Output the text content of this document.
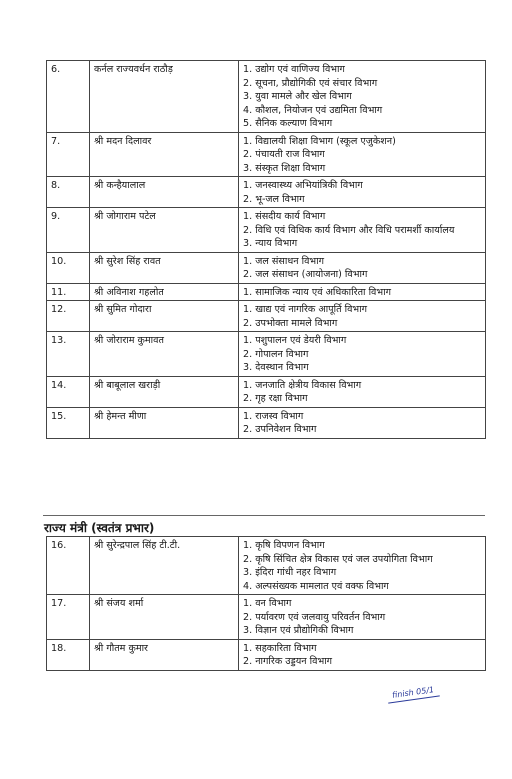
6.	कर्नल राज्यवर्धन राठौड़	1. उद्योग एवं वाणिज्य विभाग
2. सूचना, प्रौद्योगिकी एवं संचार विभाग
3. युवा मामले और खेल विभाग
4. कौशल, नियोजन एवं उद्यमिता विभाग
5. सैनिक कल्याण विभाग

7.	श्री मदन दिलावर	1. विद्यालयी शिक्षा विभाग (स्कूल एजुकेशन)
2. पंचायती राज विभाग
3. संस्कृत शिक्षा विभाग

8.	श्री कन्हैयालाल	1. जनस्वास्थ्य अभियांत्रिकी विभाग
2. भू-जल विभाग

9.	श्री जोगाराम पटेल	1. संसदीय कार्य विभाग
2. विधि एवं विधिक कार्य विभाग और विधि परामर्शी कार्यालय
3. न्याय विभाग

10.	श्री सुरेश सिंह रावत	1. जल संसाधन विभाग
2. जल संसाधन (आयोजना) विभाग

11.	श्री अविनाश गहलोत	1. सामाजिक न्याय एवं अधिकारिता विभाग

12.	श्री सुमित गोदारा	1. खाद्य एवं नागरिक आपूर्ति विभाग
2. उपभोक्ता मामले विभाग

13.	श्री जोराराम कुमावत	1. पशुपालन एवं डेयरी विभाग
2. गोपालन विभाग
3. देवस्थान विभाग

14.	श्री बाबूलाल खराड़ी	1. जनजाति क्षेत्रीय विकास विभाग
2. गृह रक्षा विभाग

15.	श्री हेमन्त मीणा	1. राजस्व विभाग
2. उपनिवेशन विभाग
राज्य मंत्री (स्वतंत्र प्रभार)
16.	श्री सुरेन्द्रपाल सिंह टी.टी.	1. कृषि विपणन विभाग
2. कृषि सिंचित क्षेत्र विकास एवं जल उपयोगिता विभाग
3. इंदिरा गांधी नहर विभाग
4. अल्पसंख्यक मामलात एवं वक्फ विभाग

17.	श्री संजय शर्मा	1. वन विभाग
2. पर्यावरण एवं जलवायु परिवर्तन विभाग
3. विज्ञान एवं प्रौद्योगिकी विभाग

18.	श्री गौतम कुमार	1. सहकारिता विभाग
2. नागरिक उड्डयन विभाग
finish 05/1
